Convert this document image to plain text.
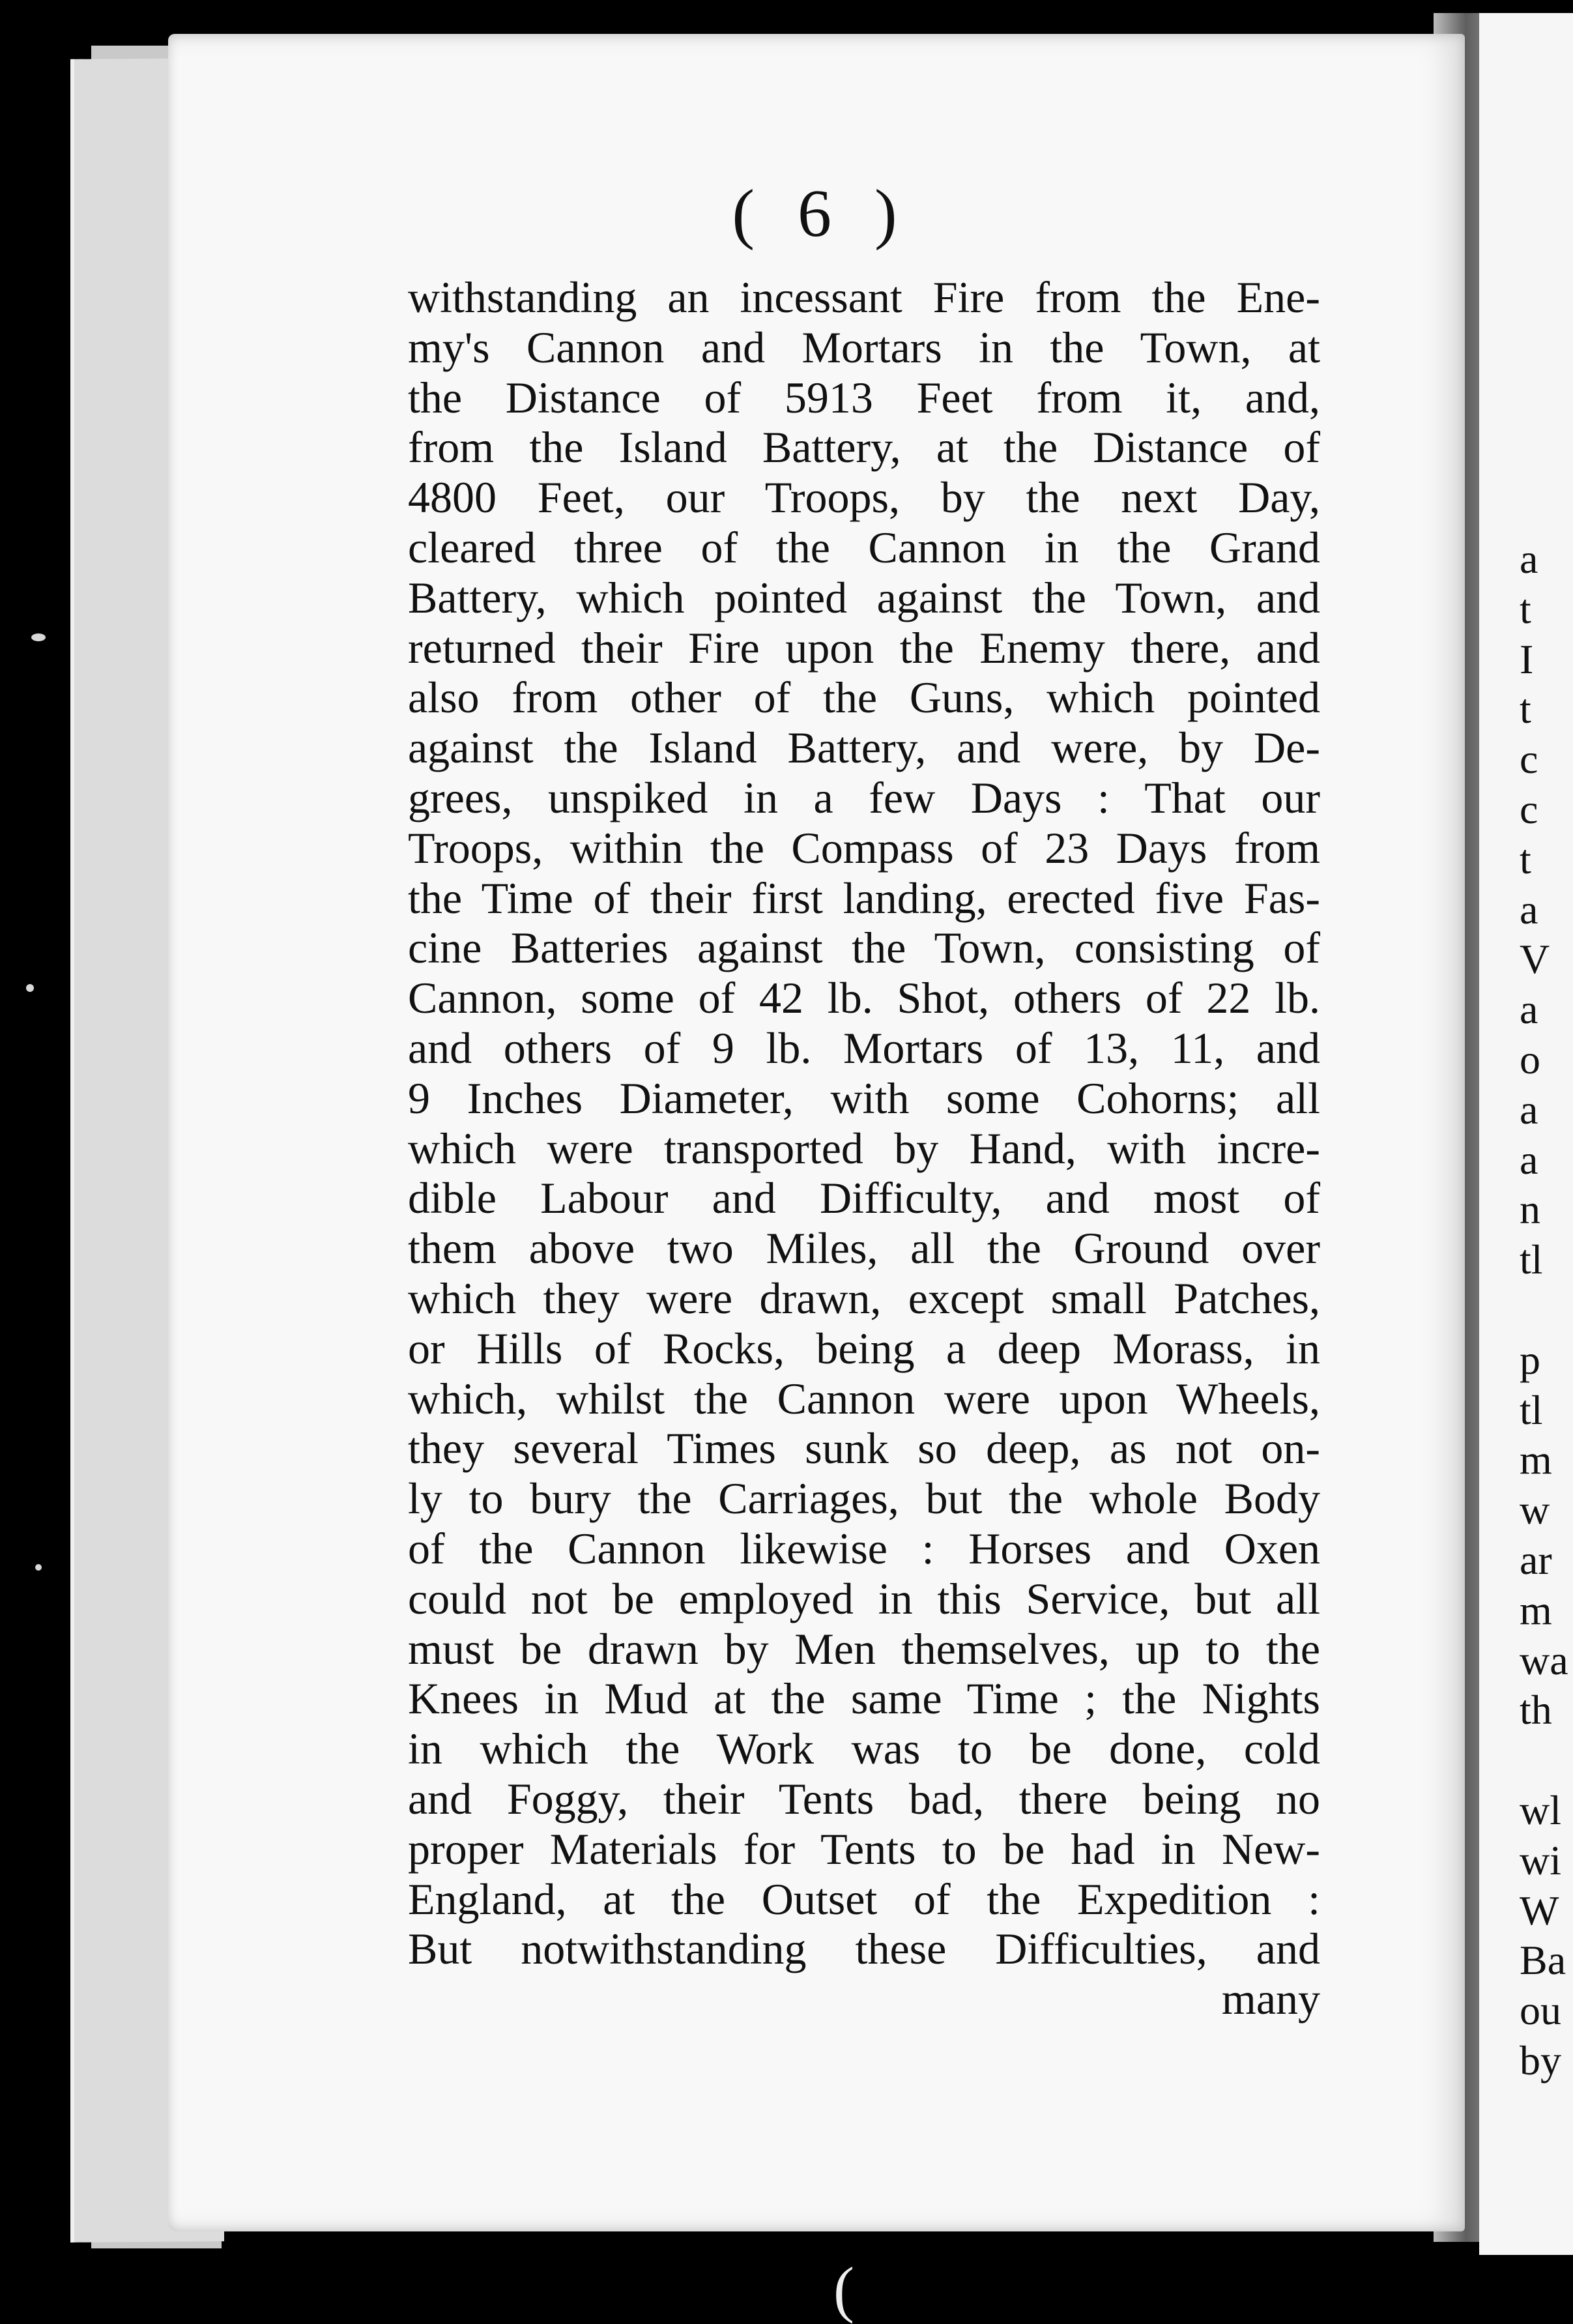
( 6 )
withstanding an incessant Fire from the Ene-
my's Cannon and Mortars in the Town, at
the Distance of 5913 Feet from it, and,
from the Island Battery, at the Distance of
4800 Feet, our Troops, by the next Day,
cleared three of the Cannon in the Grand
Battery, which pointed against the Town, and
returned their Fire upon the Enemy there, and
also from other of the Guns, which pointed
against the Island Battery, and were, by De-
grees, unspiked in a few Days : That our
Troops, within the Compass of 23 Days from
the Time of their first landing, erected five Fas-
cine Batteries against the Town, consisting of
Cannon, some of 42 lb. Shot, others of 22 lb.
and others of 9 lb. Mortars of 13, 11, and
9 Inches Diameter, with some Cohorns; all
which were transported by Hand, with incre-
dible Labour and Difficulty, and most of
them above two Miles, all the Ground over
which they were drawn, except small Patches,
or Hills of Rocks, being a deep Morass, in
which, whilst the Cannon were upon Wheels,
they several Times sunk so deep, as not on-
ly to bury the Carriages, but the whole Body
of the Cannon likewise : Horses and Oxen
could not be employed in this Service, but all
must be drawn by Men themselves, up to the
Knees in Mud at the same Time ; the Nights
in which the Work was to be done, cold
and Foggy, their Tents bad, there being no
proper Materials for Tents to be had in New-
England, at the Outset of the Expedition :
But notwithstanding these Difficulties, and
many
a
t
I
t
c
c
t
a
V
a
o
a
a
n
tl
p
tl
m
w
ar
m
wa
th
wl
wi
W
Ba
ou
by
(
